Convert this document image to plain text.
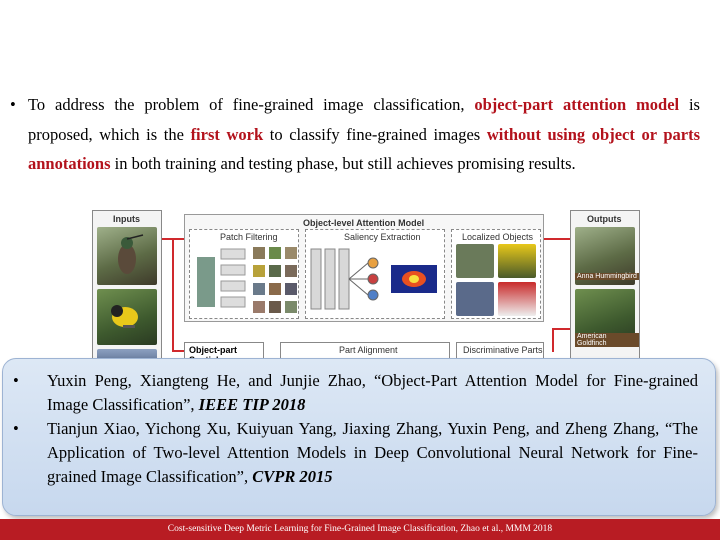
• To address the problem of fine-grained image classification, object-part attention model is proposed, which is the first work to classify fine-grained images without using object or parts annotations in both training and testing phase, but still achieves promising results.
Inputs	Object-level Attention Model
Patch Filtering	Saliency Extraction	Localized Objects
Object-part	Part Alignment	Discriminative Parts
Outputs
Anna Hummingbird
American Goldfinch
• Yuxin Peng, Xiangteng He, and Junjie Zhao, “Object-Part Attention Model for Fine-grained Image Classification”, IEEE TIP 2018
• Tianjun Xiao, Yichong Xu, Kuiyuan Yang, Jiaxing Zhang, Yuxin Peng, and Zheng Zhang, “The Application of Two-level Attention Models in Deep Convolutional Neural Network for Fine-grained Image Classification”, CVPR 2015
Cost-sensitive Deep Metric Learning for Fine-Grained Image Classification, Zhao et al., MMM 2018
